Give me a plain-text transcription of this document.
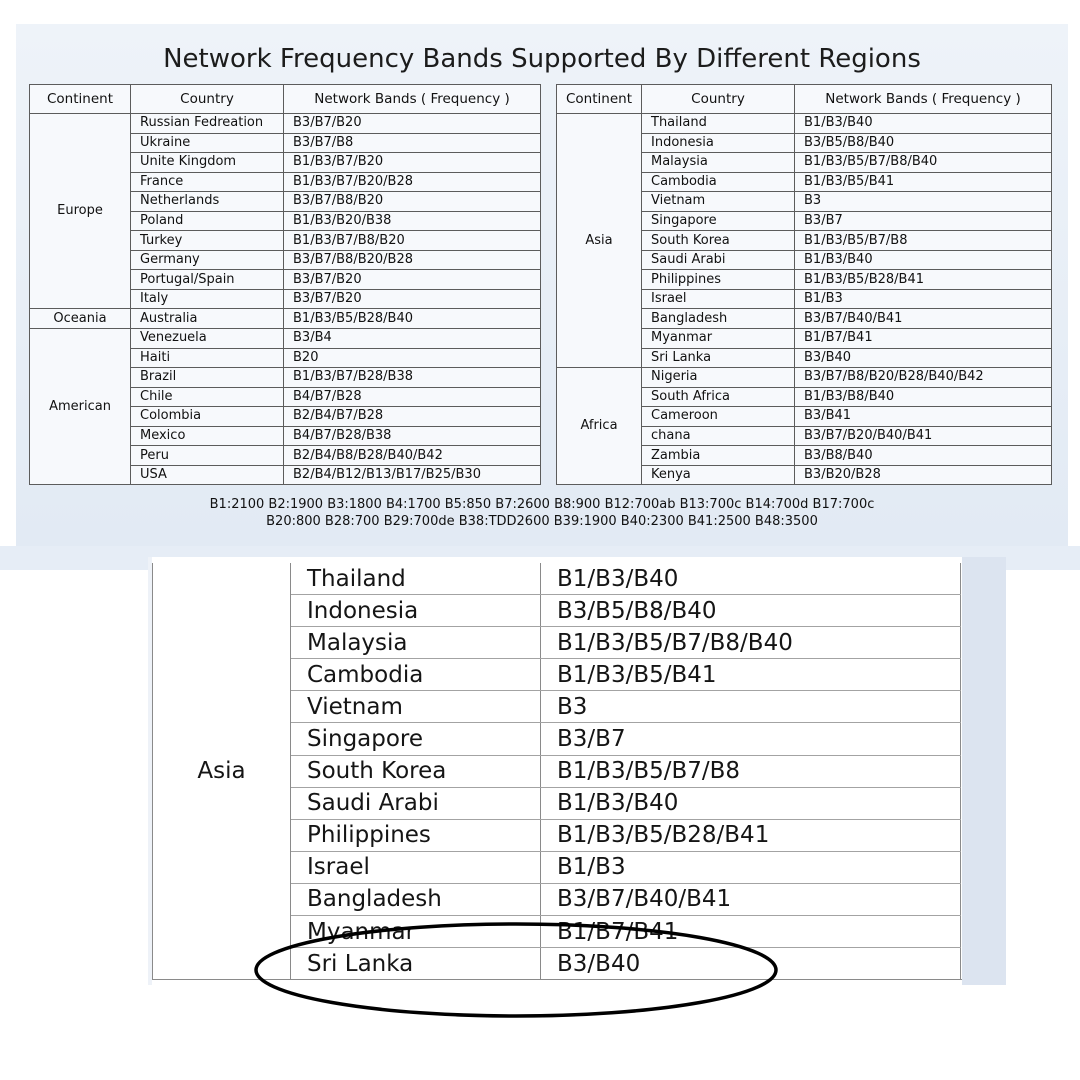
Network Frequency Bands Supported By Different Regions
Continent	Country	Network Bands ( Frequency )
Europe	Russian Fedreation	B3/B7/B20
	Ukraine	B3/B7/B8
	Unite Kingdom	B1/B3/B7/B20
	France	B1/B3/B7/B20/B28
	Netherlands	B3/B7/B8/B20
	Poland	B1/B3/B20/B38
	Turkey	B1/B3/B7/B8/B20
	Germany	B3/B7/B8/B20/B28
	Portugal/Spain	B3/B7/B20
	Italy	B3/B7/B20
Oceania	Australia	B1/B3/B5/B28/B40
American	Venezuela	B3/B4
	Haiti	B20
	Brazil	B1/B3/B7/B28/B38
	Chile	B4/B7/B28
	Colombia	B2/B4/B7/B28
	Mexico	B4/B7/B28/B38
	Peru	B2/B4/B8/B28/B40/B42
	USA	B2/B4/B12/B13/B17/B25/B30
Continent	Country	Network Bands ( Frequency )
Asia	Thailand	B1/B3/B40
	Indonesia	B3/B5/B8/B40
	Malaysia	B1/B3/B5/B7/B8/B40
	Cambodia	B1/B3/B5/B41
	Vietnam	B3
	Singapore	B3/B7
	South Korea	B1/B3/B5/B7/B8
	Saudi Arabi	B1/B3/B40
	Philippines	B1/B3/B5/B28/B41
	Israel	B1/B3
	Bangladesh	B3/B7/B40/B41
	Myanmar	B1/B7/B41
	Sri Lanka	B3/B40
Africa	Nigeria	B3/B7/B8/B20/B28/B40/B42
	South Africa	B1/B3/B8/B40
	Cameroon	B3/B41
	chana	B3/B7/B20/B40/B41
	Zambia	B3/B8/B40
	Kenya	B3/B20/B28
B1:2100 B2:1900 B3:1800 B4:1700 B5:850 B7:2600 B8:900 B12:700ab B13:700c B14:700d B17:700c
B20:800 B28:700 B29:700de B38:TDD2600 B39:1900 B40:2300 B41:2500 B48:3500
Asia	Thailand	B1/B3/B40
	Indonesia	B3/B5/B8/B40
	Malaysia	B1/B3/B5/B7/B8/B40
	Cambodia	B1/B3/B5/B41
	Vietnam	B3
	Singapore	B3/B7
	South Korea	B1/B3/B5/B7/B8
	Saudi Arabi	B1/B3/B40
	Philippines	B1/B3/B5/B28/B41
	Israel	B1/B3
	Bangladesh	B3/B7/B40/B41
	Myanmar	B1/B7/B41
	Sri Lanka	B3/B40
